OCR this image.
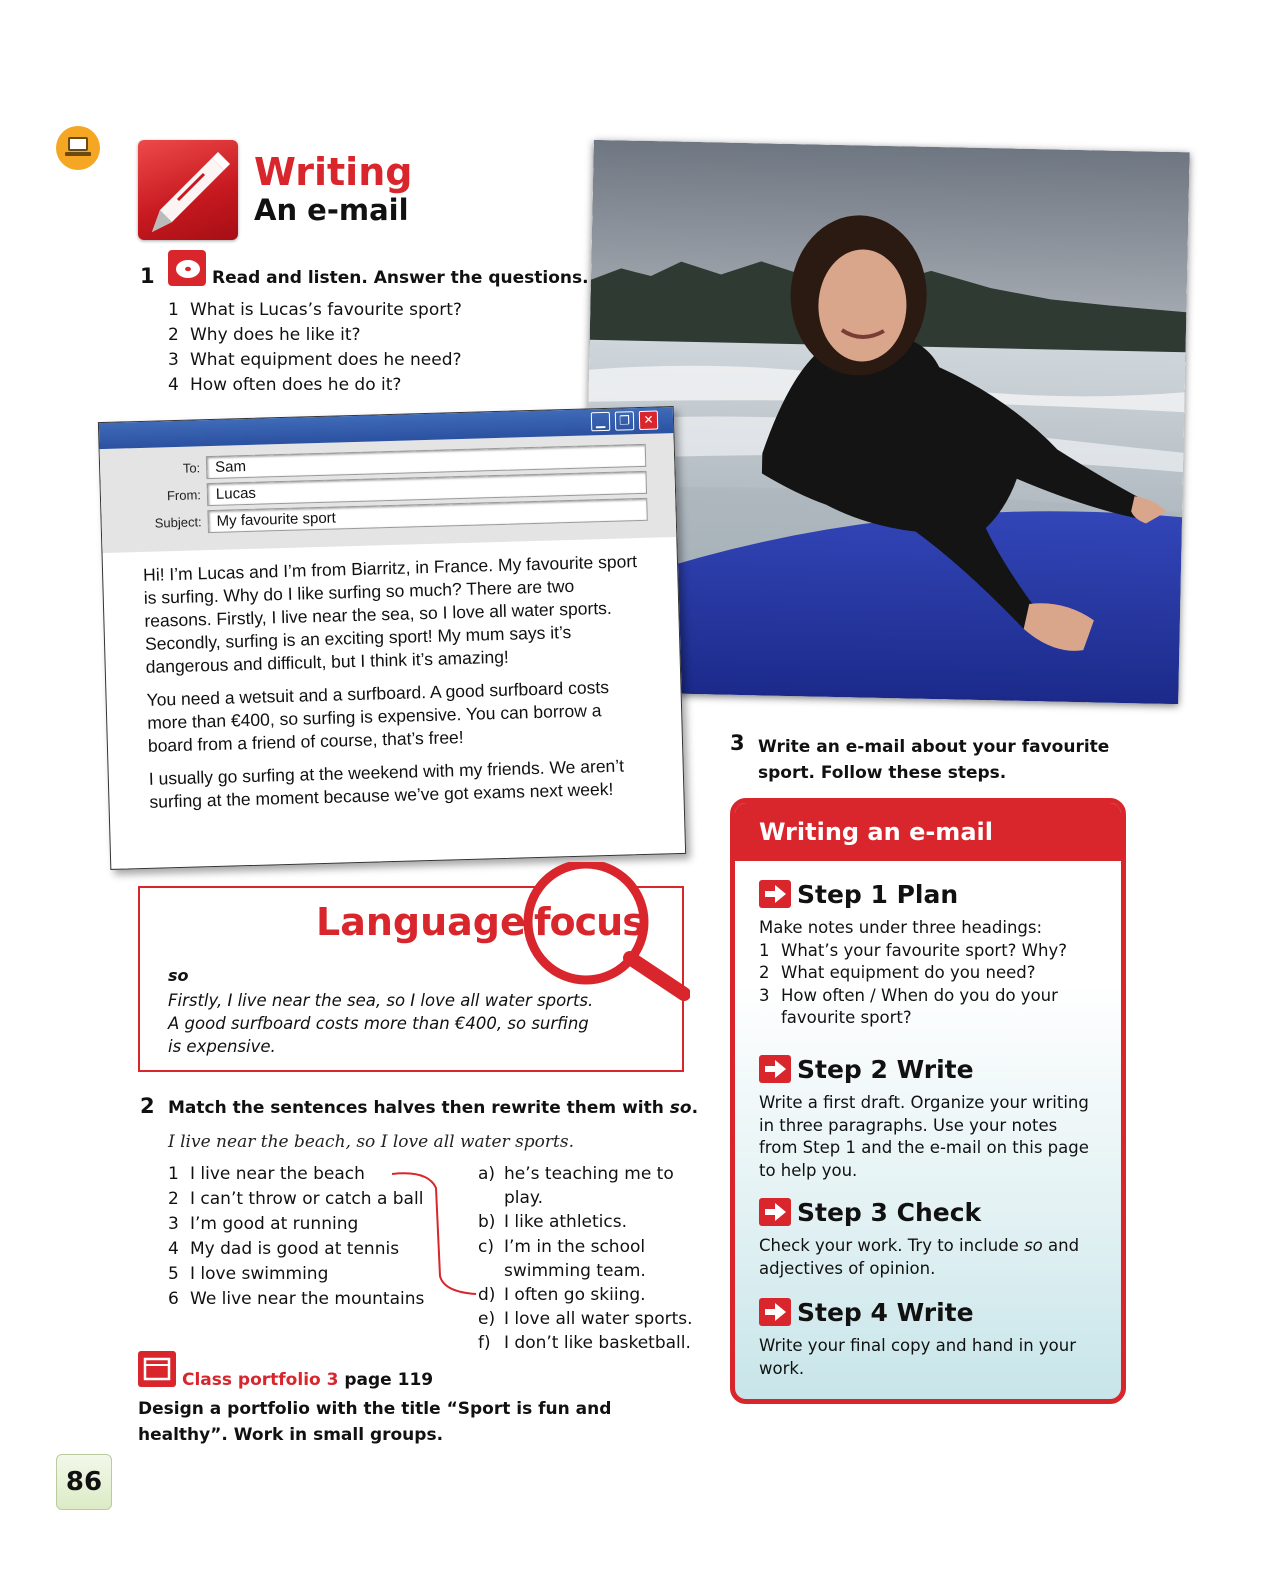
Writing
An e-mail
1	Read and listen. Answer the questions.
1 What is Lucas’s favourite sport?
2 Why does he like it?
3 What equipment does he need?
4 How often does he do it?
▁	❐	✕
To: Sam
From: Lucas
Subject: My favourite sport

Hi! I’m Lucas and I’m from Biarritz, in France. My favourite sport is surfing. Why do I like surfing so much? There are two reasons. Firstly, I live near the sea, so I love all water sports. Secondly, surfing is an exciting sport! My mum says it’s dangerous and difficult, but I think it’s amazing!

You need a wetsuit and a surfboard. A good surfboard costs more than €400, so surfing is expensive. You can borrow a board from a friend of course, that’s free!

I usually go surfing at the weekend with my friends. We aren’t surfing at the moment because we’ve got exams next week!

Language focus
so
Firstly, I live near the sea, so I love all water sports.
A good surfboard costs more than €400, so surfing
is expensive.
2 Match the sentences halves then rewrite them with so.
I live near the beach, so I love all water sports.
1 I live near the beach
2 I can’t throw or catch a ball
3 I’m good at running
4 My dad is good at tennis
5 I love swimming
6 We live near the mountains
a) he’s teaching me to play.
b) I like athletics.
c) I’m in the school swimming team.
d) I often go skiing.
e) I love all water sports.
f) I don’t like basketball.
Class portfolio 3 page 119
Design a portfolio with the title “Sport is fun and
healthy”. Work in small groups.
86
3 Write an e-mail about your favourite
sport. Follow these steps.
Writing an e-mail
Step 1 Plan
Make notes under three headings:
1 What’s your favourite sport? Why?
2 What equipment do you need?
3 How often / When do you do your favourite sport?
Step 2 Write
Write a first draft. Organize your writing in three paragraphs. Use your notes from Step 1 and the e-mail on this page to help you.
Step 3 Check
Check your work. Try to include so and adjectives of opinion.
Step 4 Write
Write your final copy and hand in your work.
